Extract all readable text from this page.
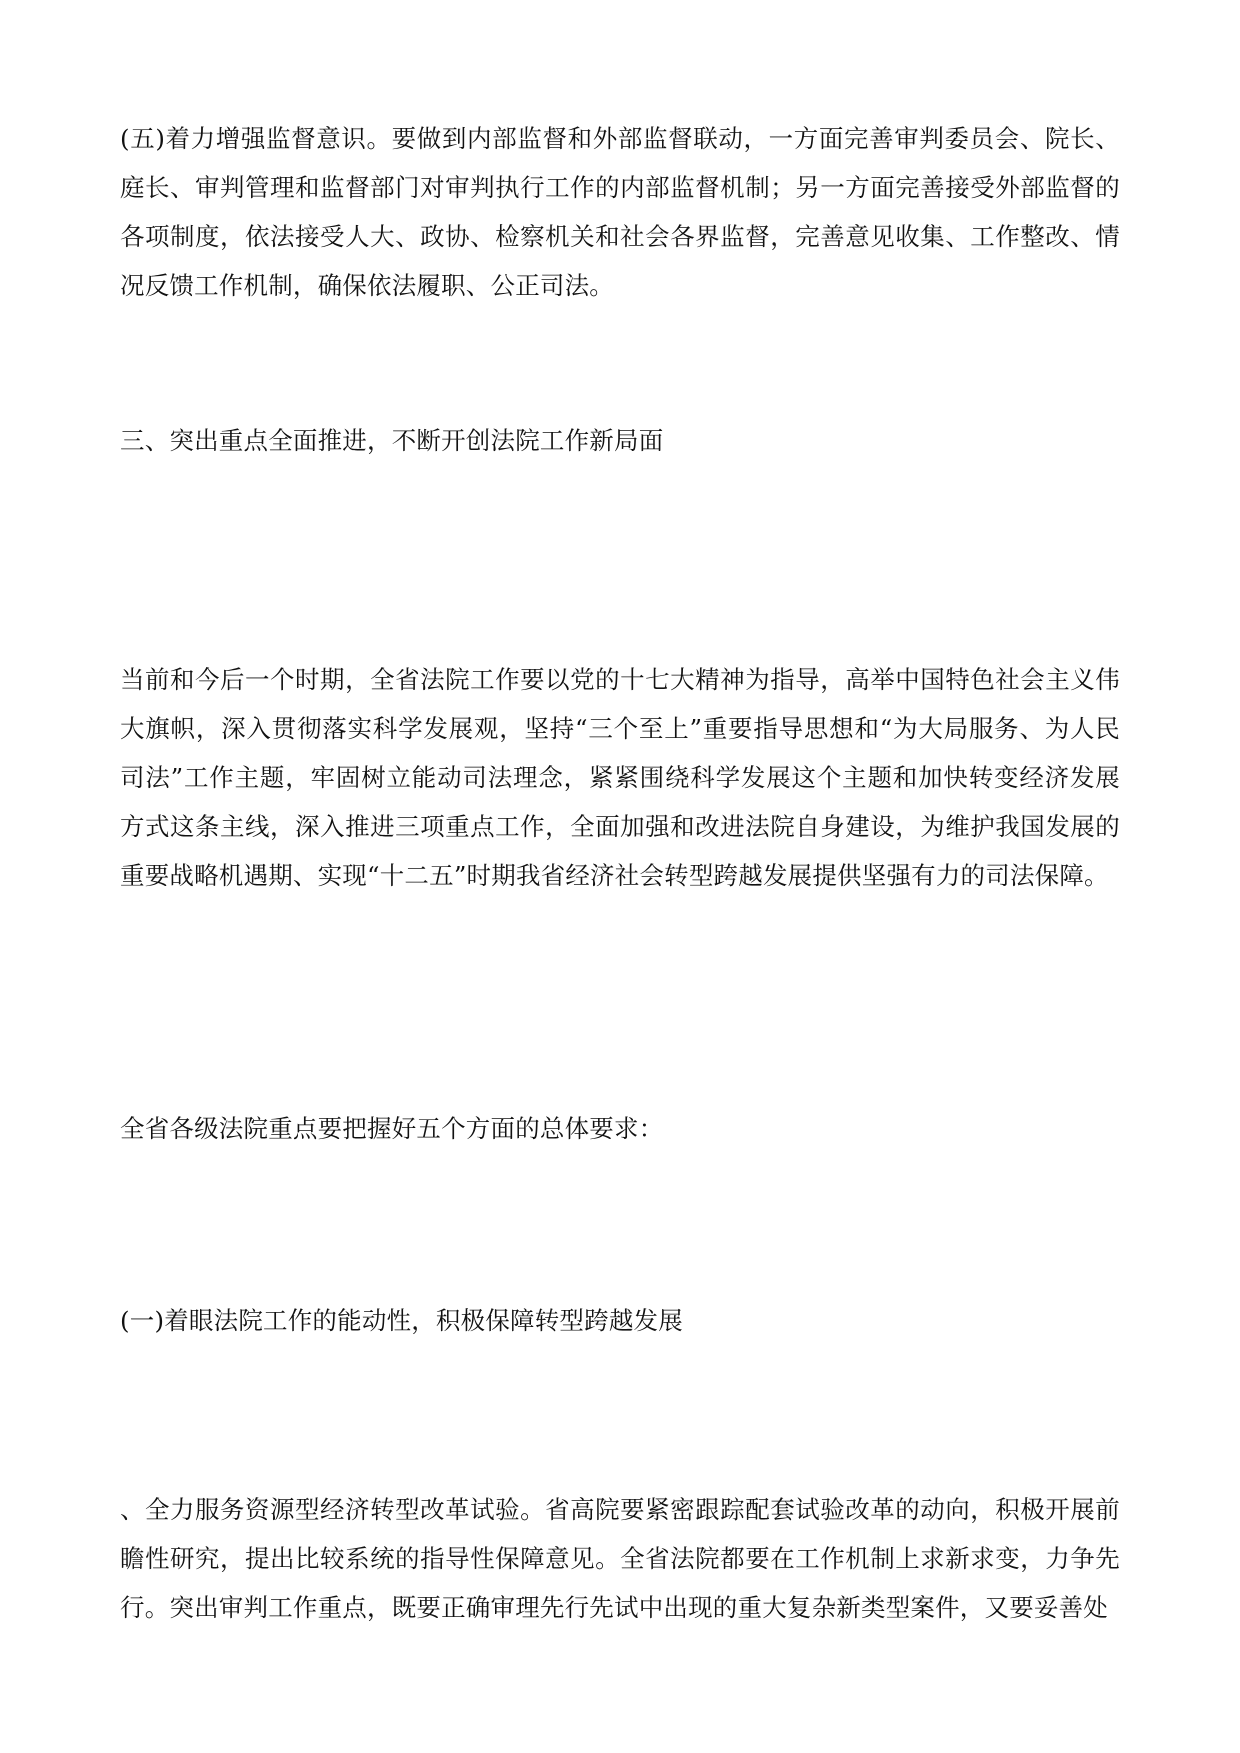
(五)着力增强监督意识。要做到内部监督和外部监督联动，一方面完善审判委员会、院长、庭长、审判管理和监督部门对审判执行工作的内部监督机制；另一方面完善接受外部监督的各项制度，依法接受人大、政协、检察机关和社会各界监督，完善意见收集、工作整改、情况反馈工作机制，确保依法履职、公正司法。

三、突出重点全面推进，不断开创法院工作新局面

当前和今后一个时期，全省法院工作要以党的十七大精神为指导，高举中国特色社会主义伟大旗帜，深入贯彻落实科学发展观，坚持“三个至上”重要指导思想和“为大局服务、为人民司法”工作主题，牢固树立能动司法理念，紧紧围绕科学发展这个主题和加快转变经济发展方式这条主线，深入推进三项重点工作，全面加强和改进法院自身建设，为维护我国发展的重要战略机遇期、实现“十二五”时期我省经济社会转型跨越发展提供坚强有力的司法保障。

全省各级法院重点要把握好五个方面的总体要求：

(一)着眼法院工作的能动性，积极保障转型跨越发展

、全力服务资源型经济转型改革试验。省高院要紧密跟踪配套试验改革的动向，积极开展前瞻性研究，提出比较系统的指导性保障意见。全省法院都要在工作机制上求新求变，力争先行。突出审判工作重点，既要正确审理先行先试中出现的重大复杂新类型案件，又要妥善处
